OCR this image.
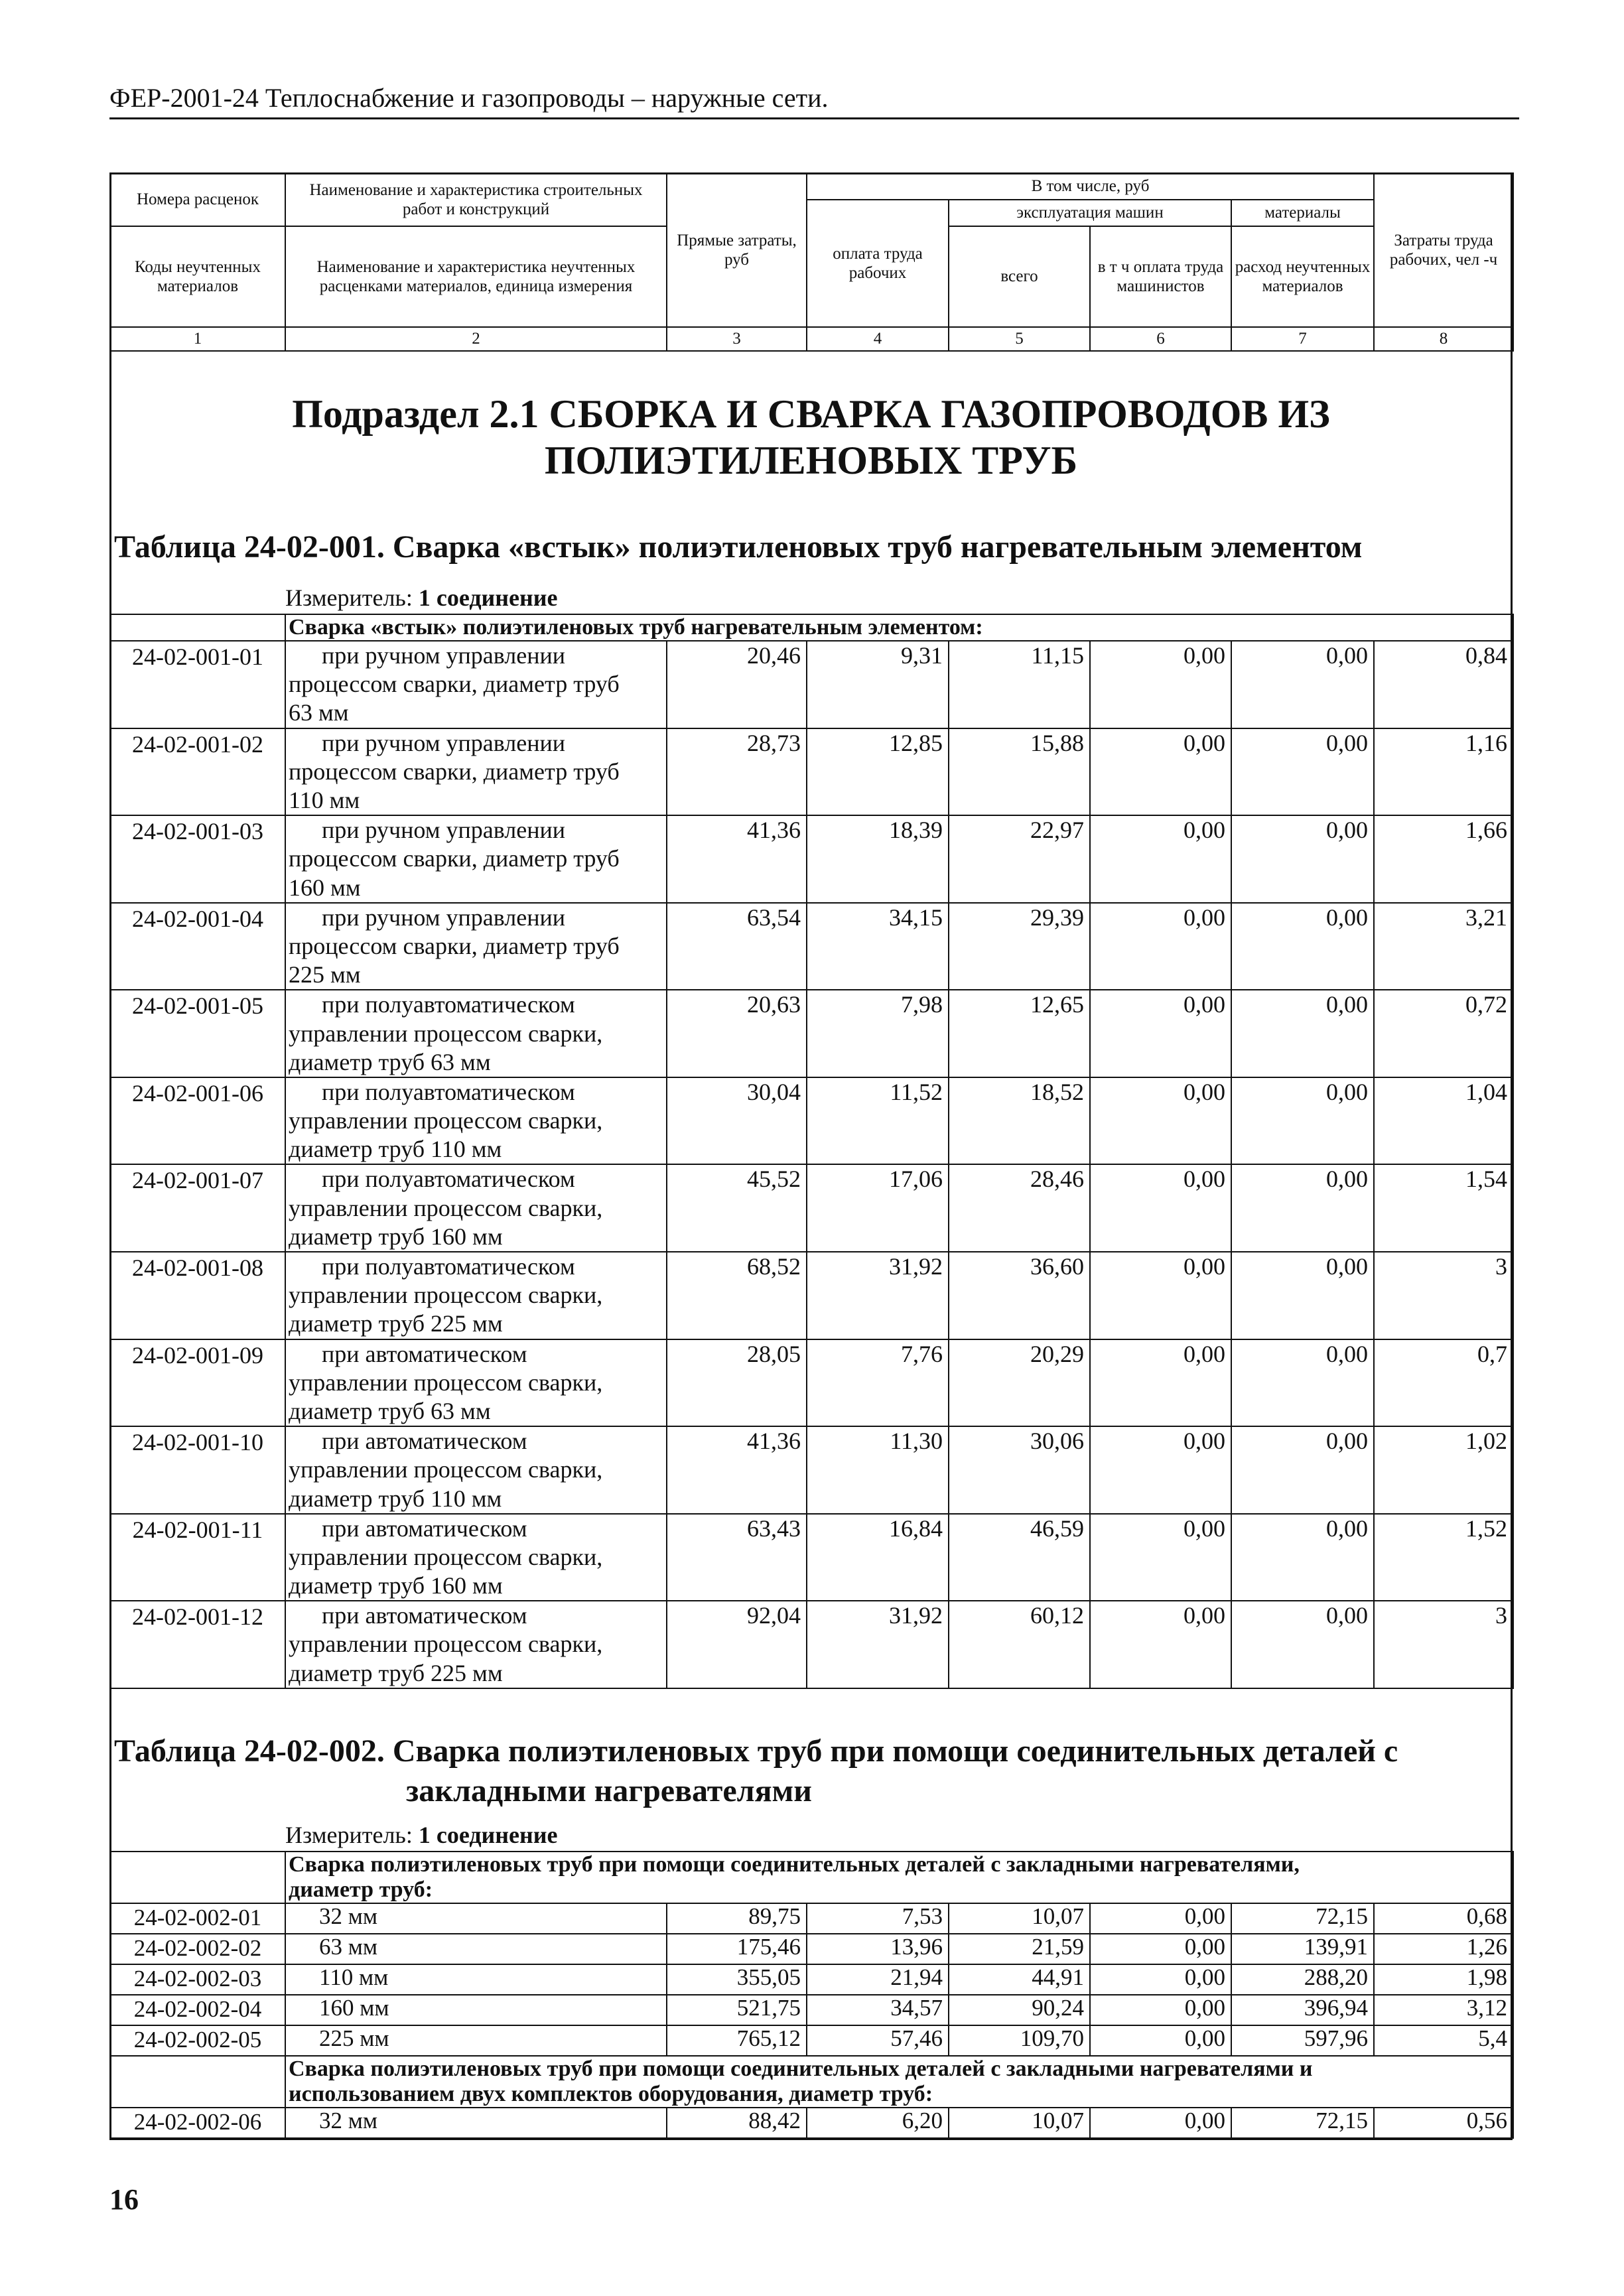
ФЕР-2001-24 Теплоснабжение и газопроводы – наружные сети.
Номера расценок	Наименование и характеристика строительных работ и конструкций	Прямые затраты, руб	В том числе, руб				Затраты труда рабочих, чел -ч
			оплата труда рабочих	эксплуатация машин		материалы	
Коды неучтенных материалов	Наименование и характеристика неучтенных расценками материалов, единица измерения			всего	в т ч оплата труда машинистов	расход неучтенных материалов	
1	2	3	4	5	6	7	8
Подраздел 2.1 СБОРКА И СВАРКА ГАЗОПРОВОДОВ ИЗ
ПОЛИЭТИЛЕНОВЫХ ТРУБ
Таблица 24-02-001. Сварка «встык» полиэтиленовых труб нагревательным элементом
Измеритель: 1 соединение
	Сварка «встык» полиэтиленовых труб нагревательным элементом:						
24-02-001-01	при ручном управлении
процессом сварки, диаметр труб
63 мм	20,46	9,31	11,15	0,00	0,00	0,84
24-02-001-02	при ручном управлении
процессом сварки, диаметр труб
110 мм	28,73	12,85	15,88	0,00	0,00	1,16
24-02-001-03	при ручном управлении
процессом сварки, диаметр труб
160 мм	41,36	18,39	22,97	0,00	0,00	1,66
24-02-001-04	при ручном управлении
процессом сварки, диаметр труб
225 мм	63,54	34,15	29,39	0,00	0,00	3,21
24-02-001-05	при полуавтоматическом
управлении процессом сварки,
диаметр труб 63 мм	20,63	7,98	12,65	0,00	0,00	0,72
24-02-001-06	при полуавтоматическом
управлении процессом сварки,
диаметр труб 110 мм	30,04	11,52	18,52	0,00	0,00	1,04
24-02-001-07	при полуавтоматическом
управлении процессом сварки,
диаметр труб 160 мм	45,52	17,06	28,46	0,00	0,00	1,54
24-02-001-08	при полуавтоматическом
управлении процессом сварки,
диаметр труб 225 мм	68,52	31,92	36,60	0,00	0,00	3
24-02-001-09	при автоматическом
управлении процессом сварки,
диаметр труб 63 мм	28,05	7,76	20,29	0,00	0,00	0,7
24-02-001-10	при автоматическом
управлении процессом сварки,
диаметр труб 110 мм	41,36	11,30	30,06	0,00	0,00	1,02
24-02-001-11	при автоматическом
управлении процессом сварки,
диаметр труб 160 мм	63,43	16,84	46,59	0,00	0,00	1,52
24-02-001-12	при автоматическом
управлении процессом сварки,
диаметр труб 225 мм	92,04	31,92	60,12	0,00	0,00	3
Таблица 24-02-002. Сварка полиэтиленовых труб при помощи соединительных деталей с
закладными нагревателями
Измеритель: 1 соединение

	Сварка полиэтиленовых труб при помощи соединительных деталей с закладными нагревателями,
диаметр труб:						

24-02-002-01	32 мм	89,75	7,53	10,07	0,00	72,15	0,68
24-02-002-02	63 мм	175,46	13,96	21,59	0,00	139,91	1,26
24-02-002-03	110 мм	355,05	21,94	44,91	0,00	288,20	1,98
24-02-002-04	160 мм	521,75	34,57	90,24	0,00	396,94	3,12
24-02-002-05	225 мм	765,12	57,46	109,70	0,00	597,96	5,4

	Сварка полиэтиленовых труб при помощи соединительных деталей с закладными нагревателями и
использованием двух комплектов оборудования, диаметр труб:						

24-02-002-06	32 мм	88,42	6,20	10,07	0,00	72,15	0,56
16
